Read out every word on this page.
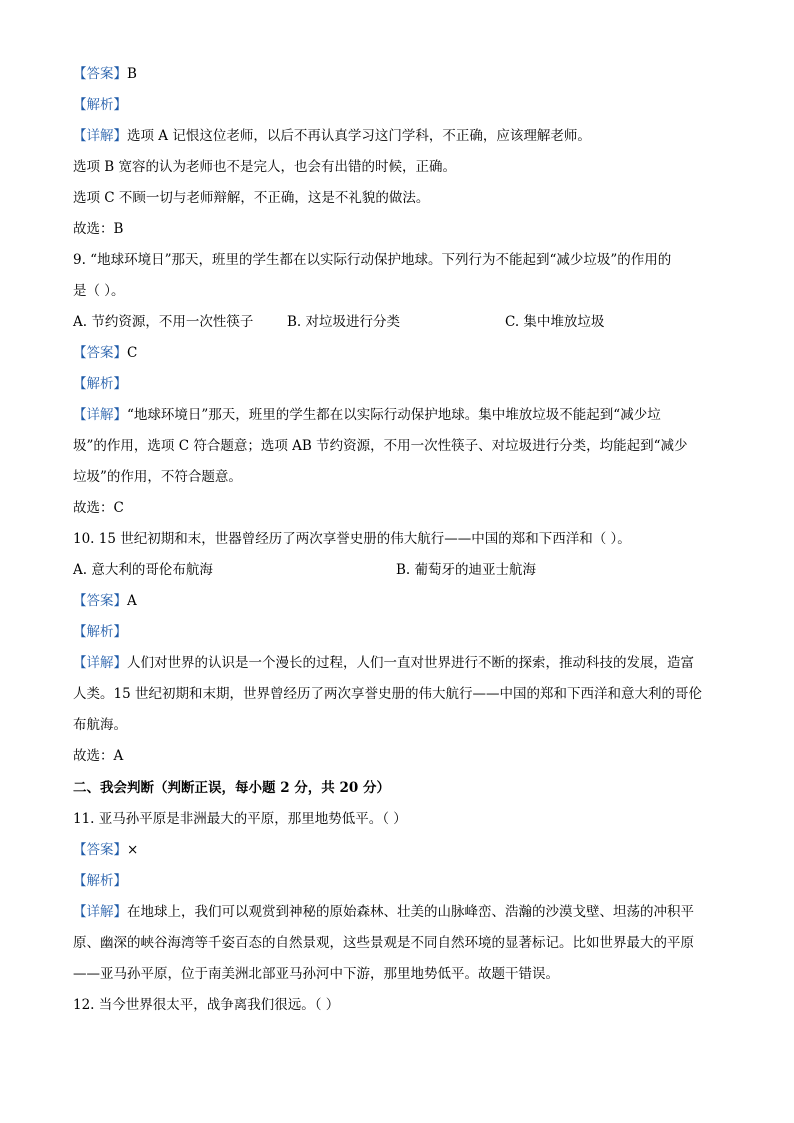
【答案】B
【解析】
【详解】选项 A 记恨这位老师，以后不再认真学习这门学科，不正确，应该理解老师。
选项 B 宽容的认为老师也不是完人，也会有出错的时候，正确。
选项 C 不顾一切与老师辩解，不正确，这是不礼貌的做法。
故选：B
9. “地球环境日”那天，班里的学生都在以实际行动保护地球。下列行为不能起到“减少垃圾”的作用的
是（ ）。
A. 节约资源，不用一次性筷子 B. 对垃圾进行分类	C. 集中堆放垃圾
【答案】C
【解析】
【详解】“地球环境日”那天，班里的学生都在以实际行动保护地球。集中堆放垃圾不能起到“减少垃
圾”的作用，选项 C 符合题意；选项 AB 节约资源，不用一次性筷子、对垃圾进行分类，均能起到“减少
垃圾”的作用，不符合题意。
故选：C
10. 15 世纪初期和末，世器曾经历了两次享誉史册的伟大航行——中国的郑和下西洋和（ ）。
A. 意大利的哥伦布航海	B. 葡萄牙的迪亚士航海
【答案】A
【解析】
【详解】人们对世界的认识是一个漫长的过程，人们一直对世界进行不断的探索，推动科技的发展，造富
人类。15 世纪初期和末期，世界曾经历了两次享誉史册的伟大航行——中国的郑和下西洋和意大利的哥伦
布航海。
故选：A
二、我会判断（判断正误，每小题 2 分，共 20 分）
11. 亚马孙平原是非洲最大的平原，那里地势低平。（ ）
【答案】×
【解析】
【详解】在地球上，我们可以观赏到神秘的原始森林、壮美的山脉峰峦、浩瀚的沙漠戈壁、坦荡的冲积平
原、幽深的峡谷海湾等千姿百态的自然景观，这些景观是不同自然环境的显著标记。比如世界最大的平原
——亚马孙平原，位于南美洲北部亚马孙河中下游，那里地势低平。故题干错误。
12. 当今世界很太平，战争离我们很远。（ ）
